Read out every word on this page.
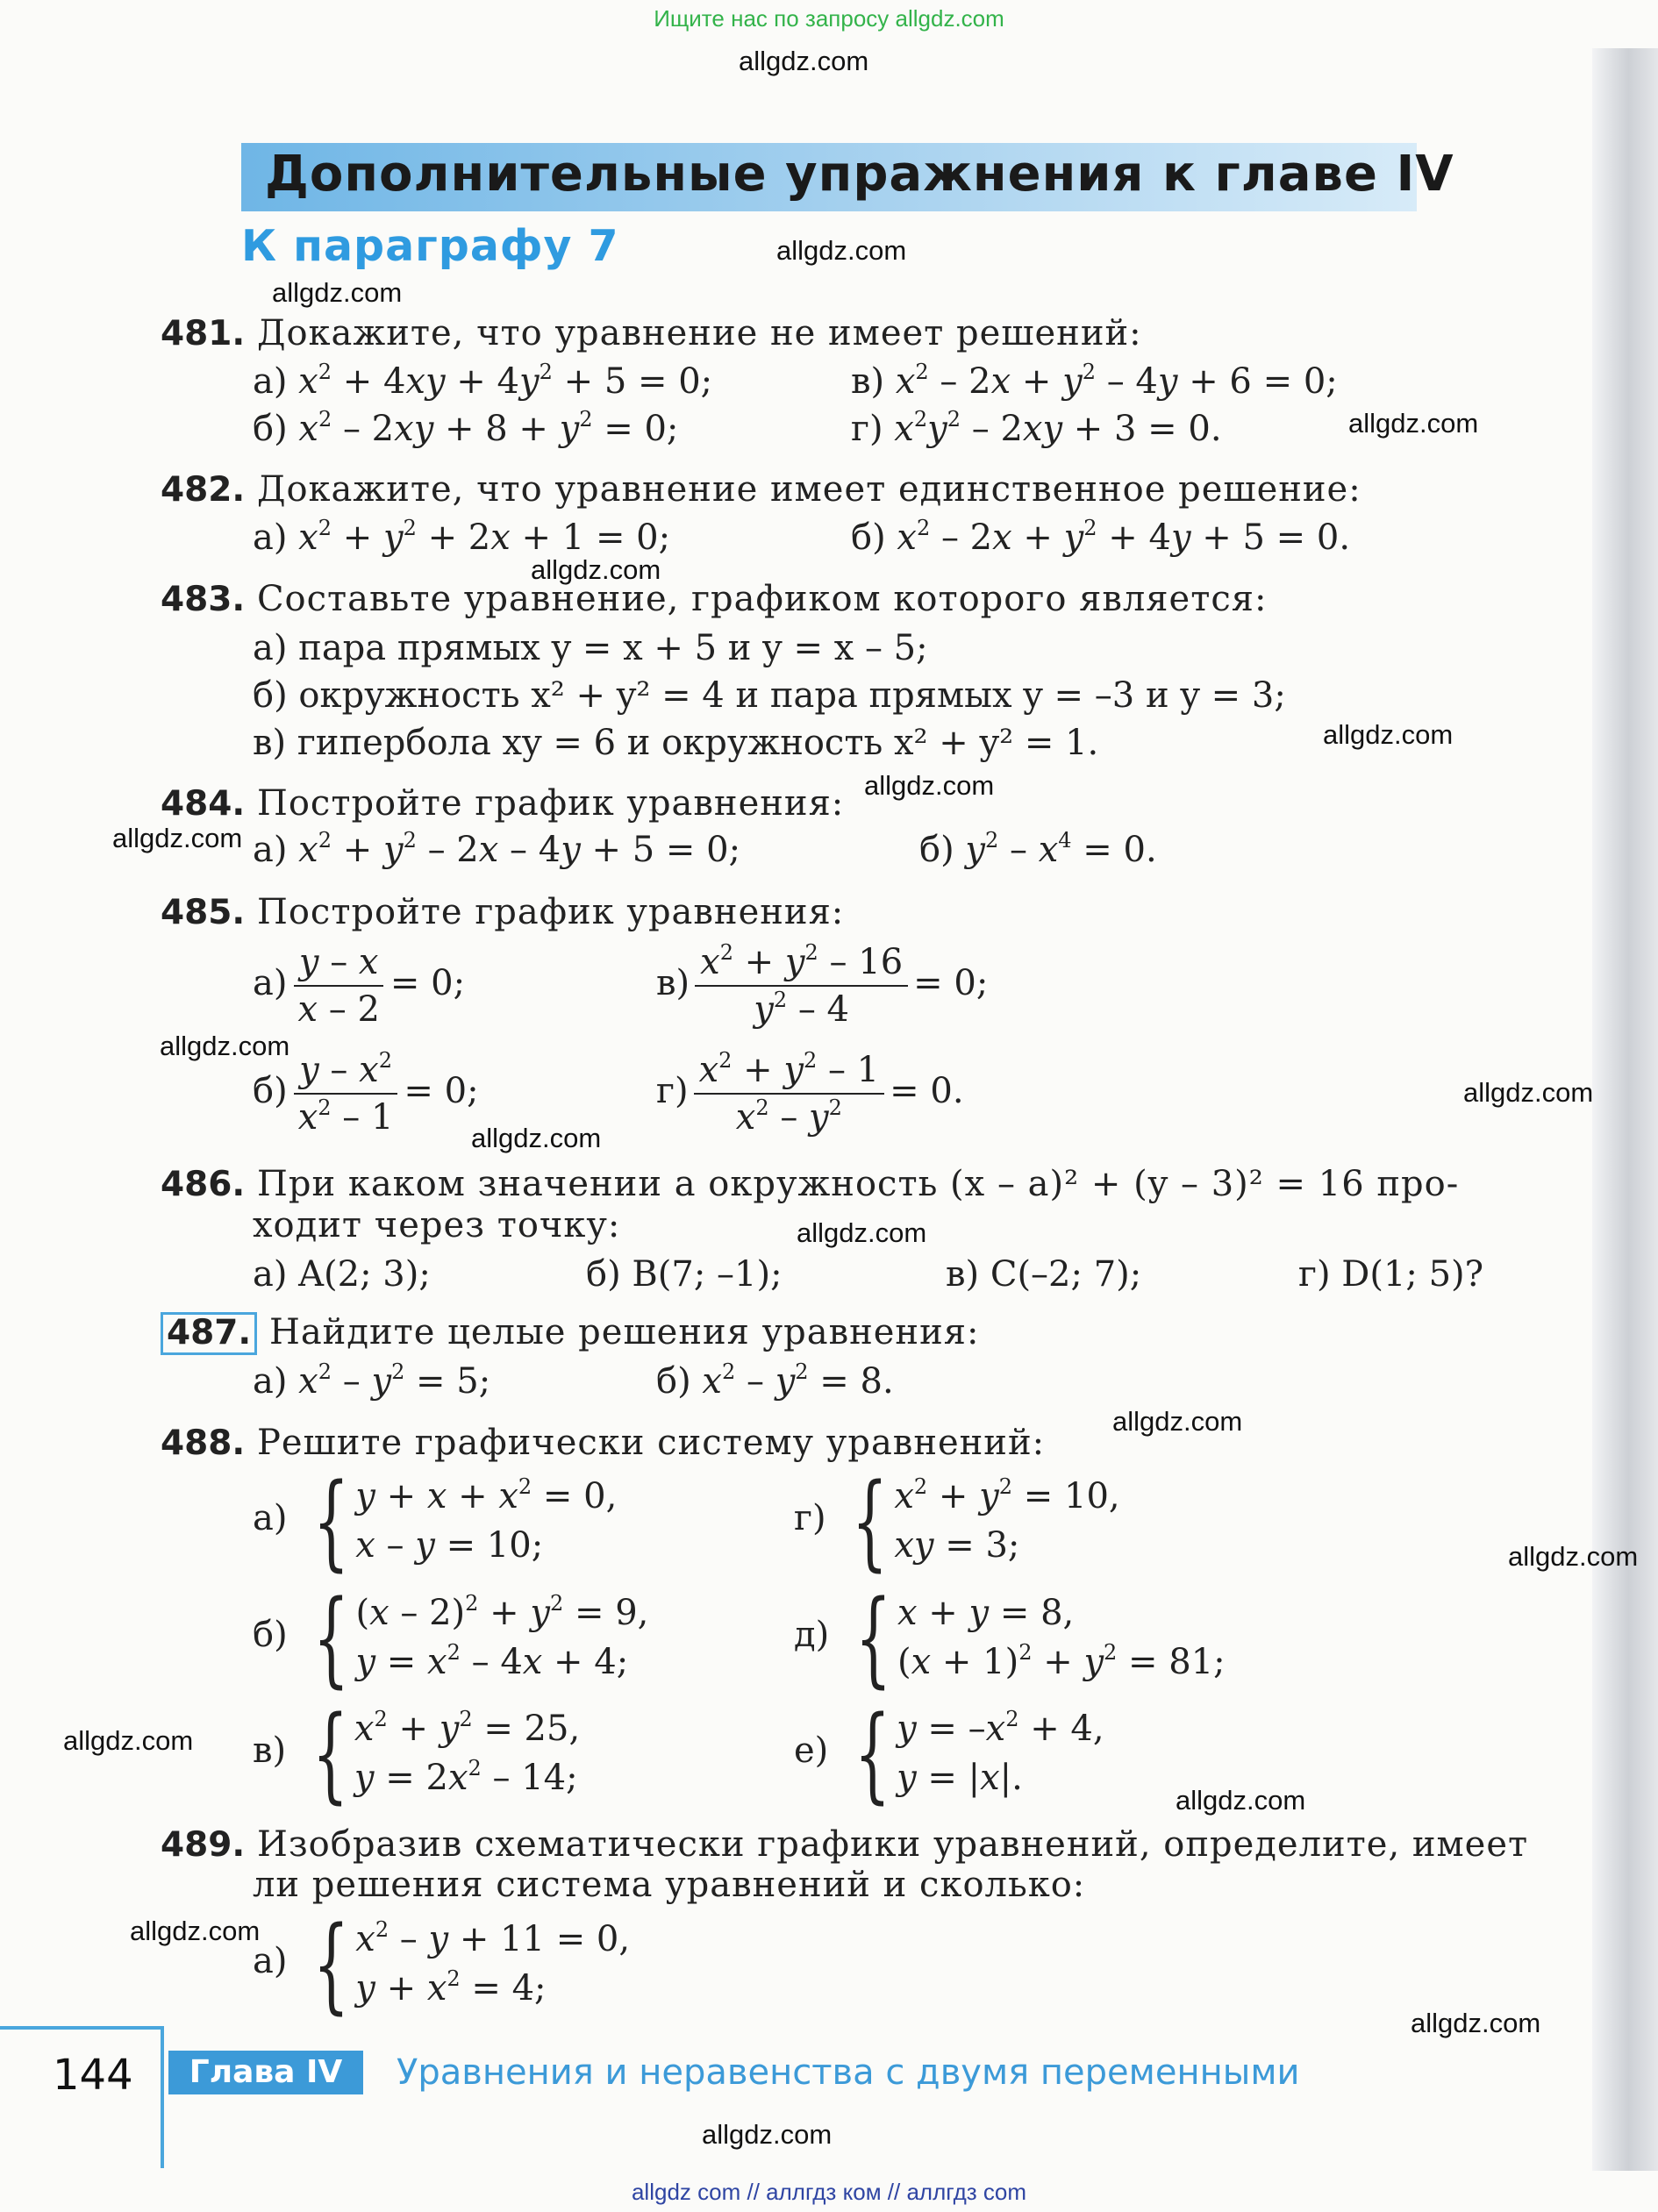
Ищите нас по запросу allgdz.com
allgdz.com
allgdz.com
allgdz.com
allgdz.com
allgdz.com
allgdz.com
allgdz.com
allgdz.com
allgdz.com
allgdz.com
allgdz.com
allgdz.com
allgdz.com
allgdz.com
allgdz.com
allgdz.com
allgdz.com
allgdz.com
allgdz.com
Дополнительные упражнения к главе IV
К параграфу 7
481. Докажите, что уравнение не имеет решений:
а) $x^2 + 4xy + 4y^2 + 5 = 0$;	в) $x^2 - 2x + y^2 - 4y + 6 = 0$;
б) $x^2 - 2xy + 8 + y^2 = 0$;	г) $x^2y^2 - 2xy + 3 = 0$.
482. Докажите, что уравнение имеет единственное решение:
а) $x^2 + y^2 + 2x + 1 = 0$;	б) $x^2 - 2x + y^2 + 4y + 5 = 0$.
483. Составьте уравнение, графиком которого является:
а) пара прямых y = x + 5 и y = x – 5;
б) окружность x² + y² = 4 и пара прямых y = –3 и y = 3;
в) гипербола xy = 6 и окружность x² + y² = 1.
484. Постройте график уравнения:
а) $x^2 + y^2 - 2x - 4y + 5 = 0$;	б) $y^2 - x^4 = 0$.
485. Постройте график уравнения:
$а) \frac{y - x}{x - 2} = 0$;	$в) \frac{x^2 + y^2 - 16}{y^2 - 4} = 0$;
$б) \frac{y - x^2}{x^2 - 1} = 0$;	$г) \frac{x^2 + y^2 - 1}{x^2 - y^2} = 0$.
486. При каком значении a окружность (x – a)² + (y – 3)² = 16 про-
ходит через точку:
а) A(2; 3);	б) B(7; –1);	в) C(–2; 7);	г) D(1; 5)?
487. Найдите целые решения уравнения:
а) $x^2 - y^2 = 5$;	б) $x^2 - y^2 = 8$.
488. Решите графически систему уравнений:
а) { $y + x + x^2 = 0$,
x – y = 10;
г) { $x^2 + y^2 = 10$,
xy = 3;
б) { $(x - 2)^2 + y^2 = 9$,
$y = x^2 - 4x + 4$;
д) { x + y = 8,
$(x + 1)^2 + y^2 = 81$;
в) { $x^2 + y^2 = 25$,
$y = 2x^2 - 14$;
е) { $y = -x^2 + 4$,
y = |x|.
489. Изобразив схематически графики уравнений, определите, имеет
ли решения система уравнений и сколько:
а) { $x^2 - y + 11 = 0$,
$y + x^2 = 4$;
144	Глава IV	Уравнения и неравенства с двумя переменными
allgdz com // аллгдз ком // аллгдз com
